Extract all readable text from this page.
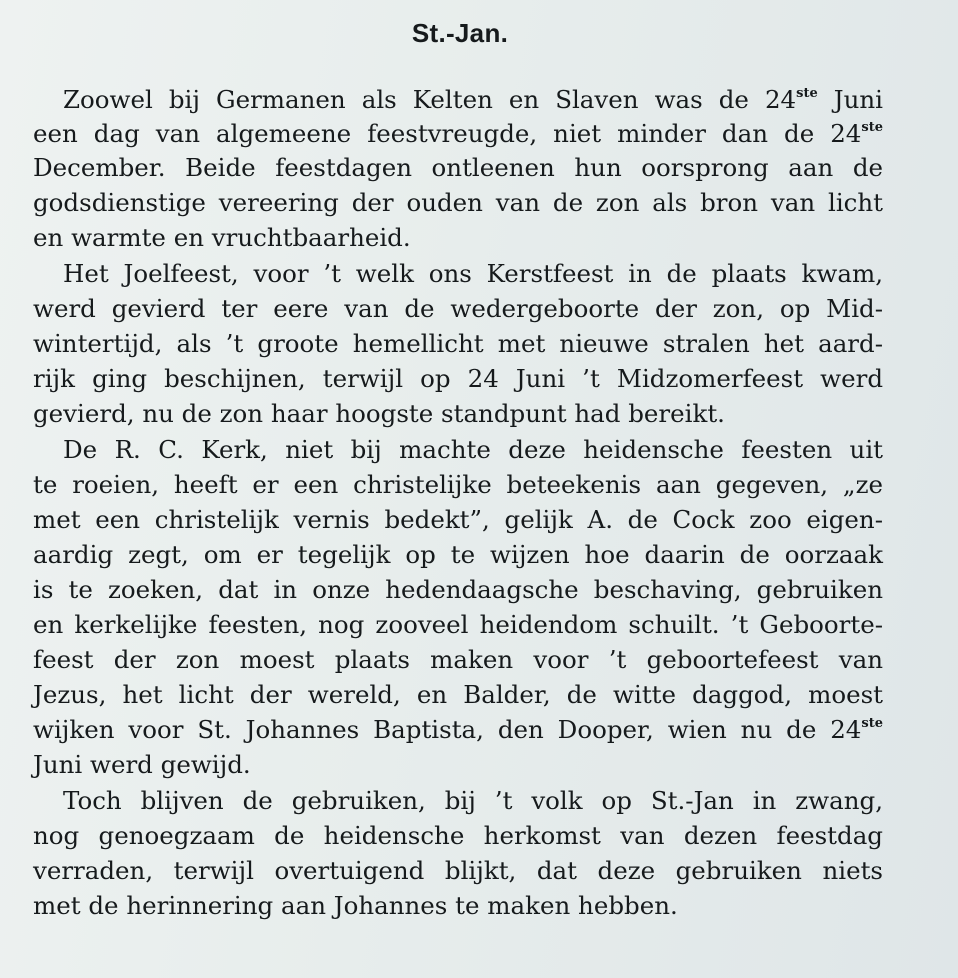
St.-Jan.
Zoowel bij Germanen als Kelten en Slaven was de 24ste Juni
een dag van algemeene feestvreugde, niet minder dan de 24ste
December. Beide feestdagen ontleenen hun oorsprong aan de
godsdienstige vereering der ouden van de zon als bron van licht
en warmte en vruchtbaarheid.
Het Joelfeest, voor ’t welk ons Kerstfeest in de plaats kwam,
werd gevierd ter eere van de wedergeboorte der zon, op Mid-
wintertijd, als ’t groote hemellicht met nieuwe stralen het aard-
rijk ging beschijnen, terwijl op 24 Juni ’t Midzomerfeest werd
gevierd, nu de zon haar hoogste standpunt had bereikt.
De R. C. Kerk, niet bij machte deze heidensche feesten uit
te roeien, heeft er een christelijke beteekenis aan gegeven, „ze
met een christelijk vernis bedekt”, gelijk A. de Cock zoo eigen-
aardig zegt, om er tegelijk op te wijzen hoe daarin de oorzaak
is te zoeken, dat in onze hedendaagsche beschaving, gebruiken
en kerkelijke feesten, nog zooveel heidendom schuilt. ’t Geboorte-
feest der zon moest plaats maken voor ’t geboortefeest van
Jezus, het licht der wereld, en Balder, de witte daggod, moest
wijken voor St. Johannes Baptista, den Dooper, wien nu de 24ste
Juni werd gewijd.
Toch blijven de gebruiken, bij ’t volk op St.-Jan in zwang,
nog genoegzaam de heidensche herkomst van dezen feestdag
verraden, terwijl overtuigend blijkt, dat deze gebruiken niets
met de herinnering aan Johannes te maken hebben.
